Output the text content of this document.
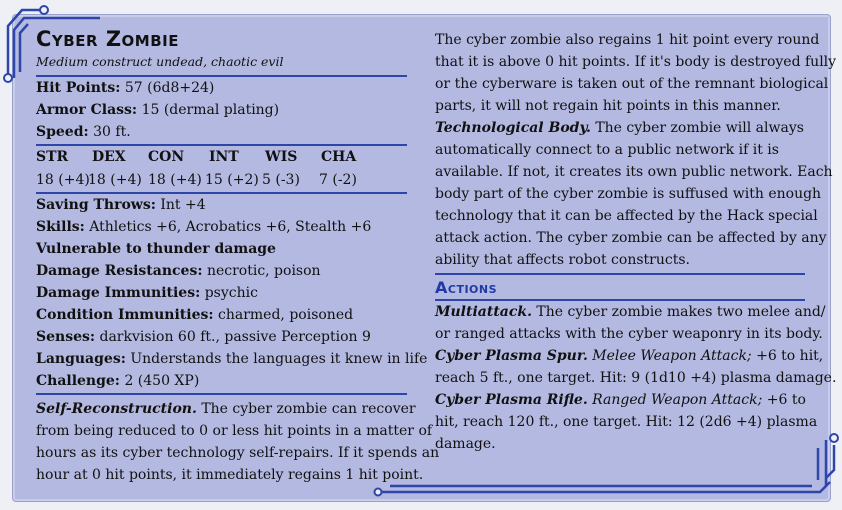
Cyber Zombie
Medium construct undead, chaotic evil
Hit Points: 57 (6d8+24)
Armor Class: 15 (dermal plating)
Speed: 30 ft.
STR DEX CON INT WIS CHA
18 (+4)
18 (+4) 18 (+4) 15 (+2) 5 (-3) 7 (-2)
Saving Throws: Int +4
Skills: Athletics +6, Acrobatics +6, Stealth +6
Vulnerable to thunder damage
Damage Resistances: necrotic, poison
Damage Immunities: psychic
Condition Immunities: charmed, poisoned
Senses: darkvision 60 ft., passive Perception 9
Languages: Understands the languages it knew in life
Challenge: 2 (450 XP)
Self-Reconstruction. The cyber zombie can recover
from being reduced to 0 or less hit points in a matter of
hours as its cyber technology self-repairs. If it spends an
hour at 0 hit points, it immediately regains 1 hit point.
The cyber zombie also regains 1 hit point every round
that it is above 0 hit points. If it's body is destroyed fully
or the cyberware is taken out of the remnant biological
parts, it will not regain hit points in this manner.
Technological Body. The cyber zombie will always
automatically connect to a public network if it is
available. If not, it creates its own public network. Each
body part of the cyber zombie is suffused with enough
technology that it can be affected by the Hack special
attack action. The cyber zombie can be affected by any
ability that affects robot constructs.
Actions
Multiattack. The cyber zombie makes two melee and/
or ranged attacks with the cyber weaponry in its body.
Cyber Plasma Spur. Melee Weapon Attack; +6 to hit,
reach 5 ft., one target. Hit: 9 (1d10 +4) plasma damage.
Cyber Plasma Rifle. Ranged Weapon Attack; +6 to
hit, reach 120 ft., one target. Hit: 12 (2d6 +4) plasma
damage.
